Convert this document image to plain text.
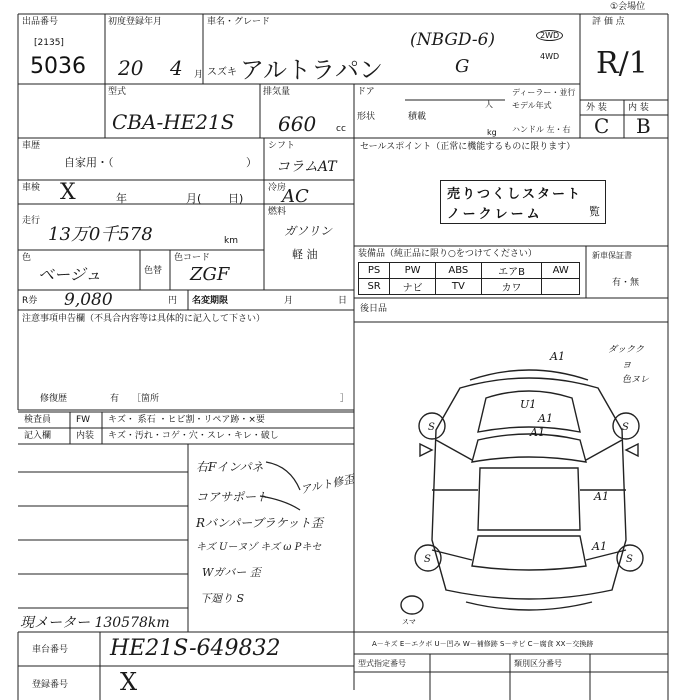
出品番号
[2135]
5036
初度登録年月
20 4 月
車名・グレード
スズキ アルトラパン
(NBGD-6)
G
2WD
4WD
①会場位
評 価 点
R/1
型式
CBA-HE21S
排気量
660 cc
ドア
形状	積載
ディーラー・並行
人 モデル年式
ハンドル 左・右
kg
外 装 内 装
C B
車歴
自家用・（	）
シフト
コラムAT
車検 X	年	月( 日)
冷房
AC
走行
13万0千578	km
燃料
ガソリン
軽 油
色
ベージュ	色替
色コード
ZGF
R券 9,080	円 名変期限	月	日
注意事項申告欄（不具合内容等は具体的に記入して下さい）
修復歴	有 ［箇所	］
セールスポイント（正常に機能するものに限ります）
売りつくしスタート
ノークレーム	覧
装備品（純正品に限り○をつけてください）
PS	PW	ABS	エアB	AW
SR	ナビ	TV	カワ	
新車保証書
有・無
後日品
検査員
記入欄
FW
内装
キズ・ 系石 ・ヒビ割・リペア跡・×要
キズ・汚れ・コゲ・穴・スレ・キレ・破し
右Fインパネ
コアサポート
Rバンパーブラケット歪
キズ Uーヌゾ キズ ω Pキセ
Wガバー 歪
下廻り S
アルト修歪
A1	ダックク
ヨ
色ヌレ
U1
A1
A1
A1
A1
S	S
S	S
スマ
現メーター 130578km
車台番号 HE21S-649832
登録番号 X
A－キズ E－エクボ U－凹み W－補修跡 S－サビ C－腐食 XX－交換跡
型式指定番号	類別区分番号
